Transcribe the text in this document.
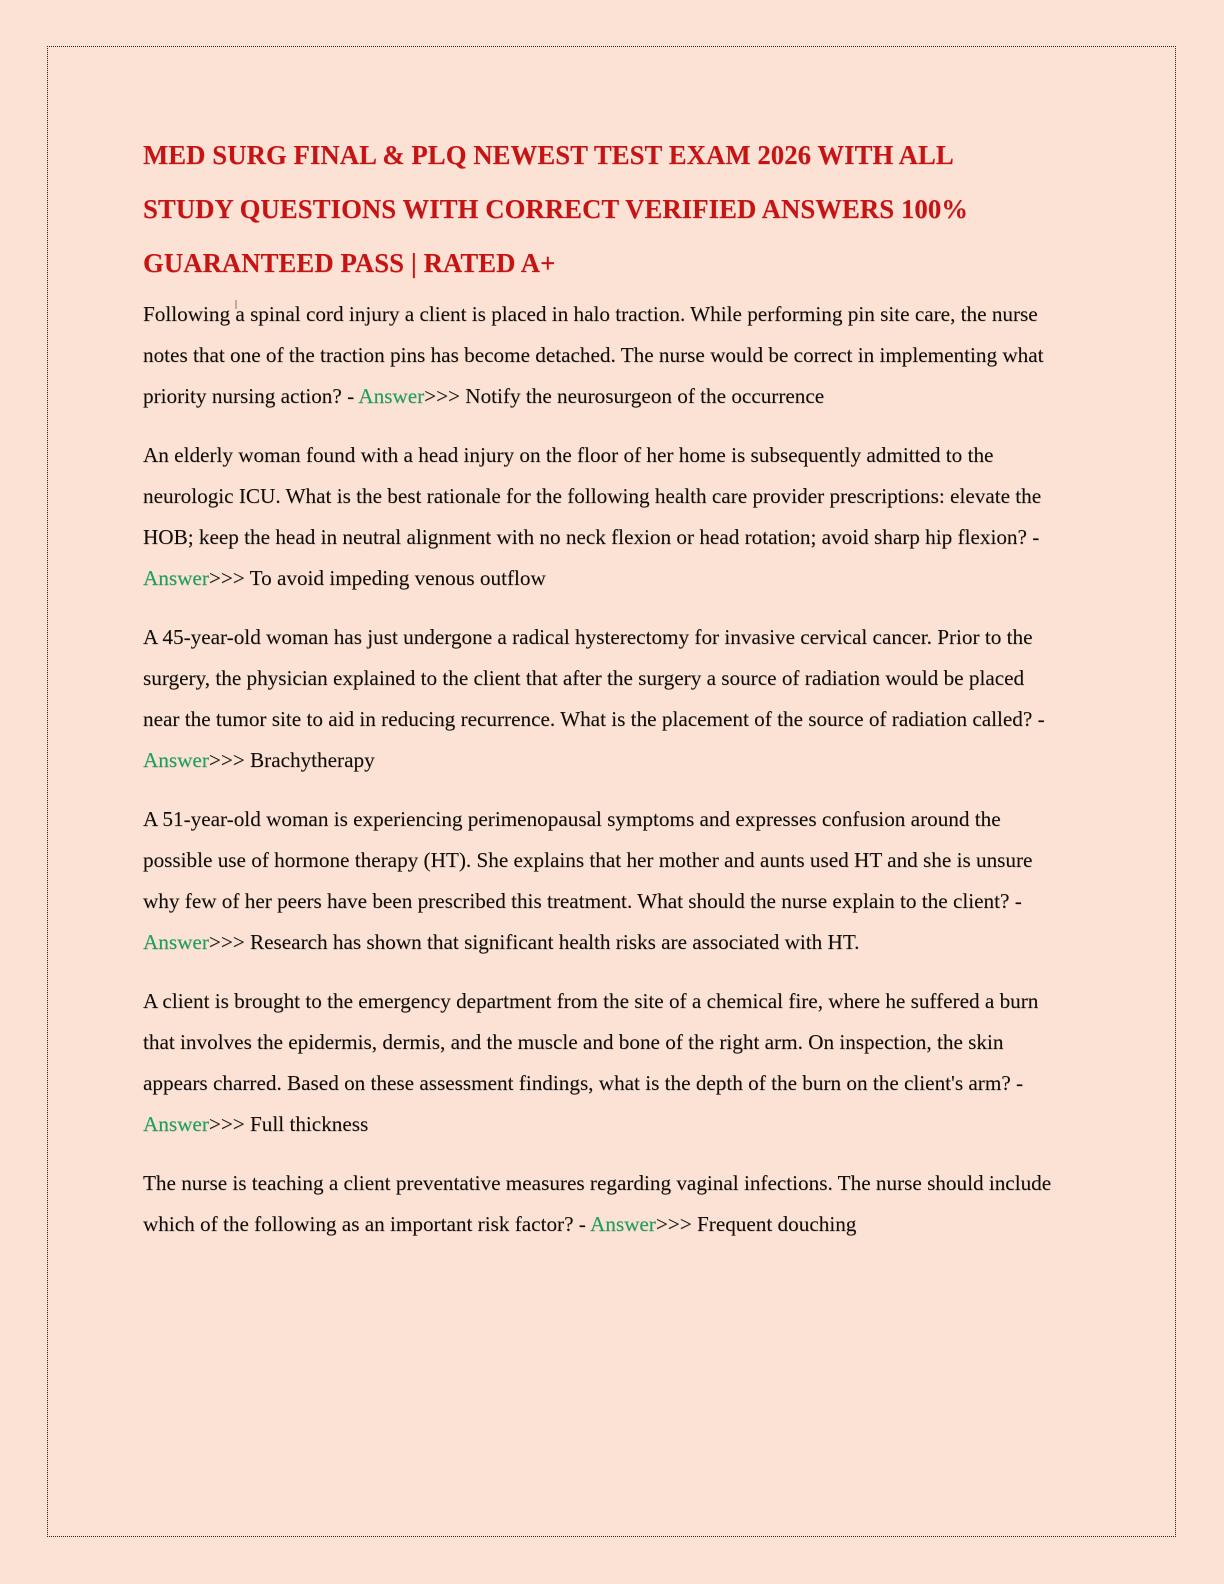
MED SURG FINAL & PLQ NEWEST TEST EXAM 2026 WITH ALL STUDY QUESTIONS WITH CORRECT VERIFIED ANSWERS 100% GUARANTEED PASS | RATED A+

Following a spinal cord injury a client is placed in halo traction. While performing pin site care, the nurse notes that one of the traction pins has become detached. The nurse would be correct in implementing what priority nursing action? - Answer>>> Notify the neurosurgeon of the occurrence

An elderly woman found with a head injury on the floor of her home is subsequently admitted to the neurologic ICU. What is the best rationale for the following health care provider prescriptions: elevate the HOB; keep the head in neutral alignment with no neck flexion or head rotation; avoid sharp hip flexion? - Answer>>> To avoid impeding venous outflow

A 45-year-old woman has just undergone a radical hysterectomy for invasive cervical cancer. Prior to the surgery, the physician explained to the client that after the surgery a source of radiation would be placed near the tumor site to aid in reducing recurrence. What is the placement of the source of radiation called? - Answer>>> Brachytherapy

A 51-year-old woman is experiencing perimenopausal symptoms and expresses confusion around the possible use of hormone therapy (HT). She explains that her mother and aunts used HT and she is unsure why few of her peers have been prescribed this treatment. What should the nurse explain to the client? - Answer>>> Research has shown that significant health risks are associated with HT.

A client is brought to the emergency department from the site of a chemical fire, where he suffered a burn that involves the epidermis, dermis, and the muscle and bone of the right arm. On inspection, the skin appears charred. Based on these assessment findings, what is the depth of the burn on the client's arm? - Answer>>> Full thickness

The nurse is teaching a client preventative measures regarding vaginal infections. The nurse should include which of the following as an important risk factor? - Answer>>> Frequent douching
